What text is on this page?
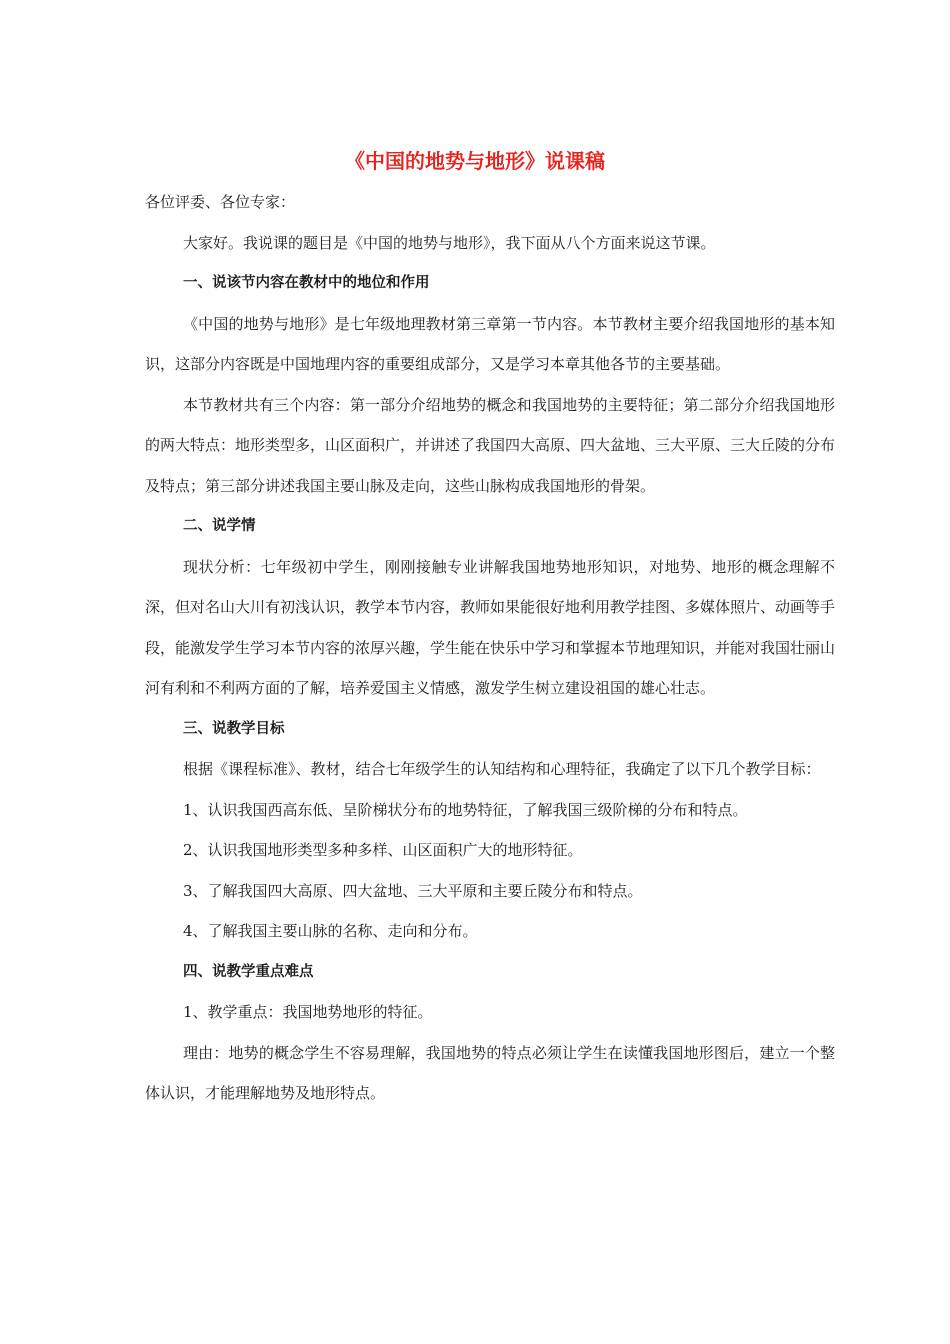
《中国的地势与地形》说课稿

各位评委、各位专家：

大家好。我说课的题目是《中国的地势与地形》，我下面从八个方面来说这节课。

一、说该节内容在教材中的地位和作用

《中国的地势与地形》是七年级地理教材第三章第一节内容。本节教材主要介绍我国地形的基本知识，这部分内容既是中国地理内容的重要组成部分，又是学习本章其他各节的主要基础。

本节教材共有三个内容：第一部分介绍地势的概念和我国地势的主要特征；第二部分介绍我国地形的两大特点：地形类型多，山区面积广，并讲述了我国四大高原、四大盆地、三大平原、三大丘陵的分布及特点；第三部分讲述我国主要山脉及走向，这些山脉构成我国地形的骨架。

二、说学情

现状分析：七年级初中学生，刚刚接触专业讲解我国地势地形知识，对地势、地形的概念理解不深，但对名山大川有初浅认识，教学本节内容，教师如果能很好地利用教学挂图、多媒体照片、动画等手段，能激发学生学习本节内容的浓厚兴趣，学生能在快乐中学习和掌握本节地理知识，并能对我国壮丽山河有利和不利两方面的了解，培养爱国主义情感，激发学生树立建设祖国的雄心壮志。

三、说教学目标

根据《课程标准》、教材，结合七年级学生的认知结构和心理特征，我确定了以下几个教学目标：

1、认识我国西高东低、呈阶梯状分布的地势特征，了解我国三级阶梯的分布和特点。

2、认识我国地形类型多种多样、山区面积广大的地形特征。

3、了解我国四大高原、四大盆地、三大平原和主要丘陵分布和特点。

4、了解我国主要山脉的名称、走向和分布。

四、说教学重点难点

1、教学重点：我国地势地形的特征。

理由：地势的概念学生不容易理解，我国地势的特点必须让学生在读懂我国地形图后，建立一个整体认识，才能理解地势及地形特点。
